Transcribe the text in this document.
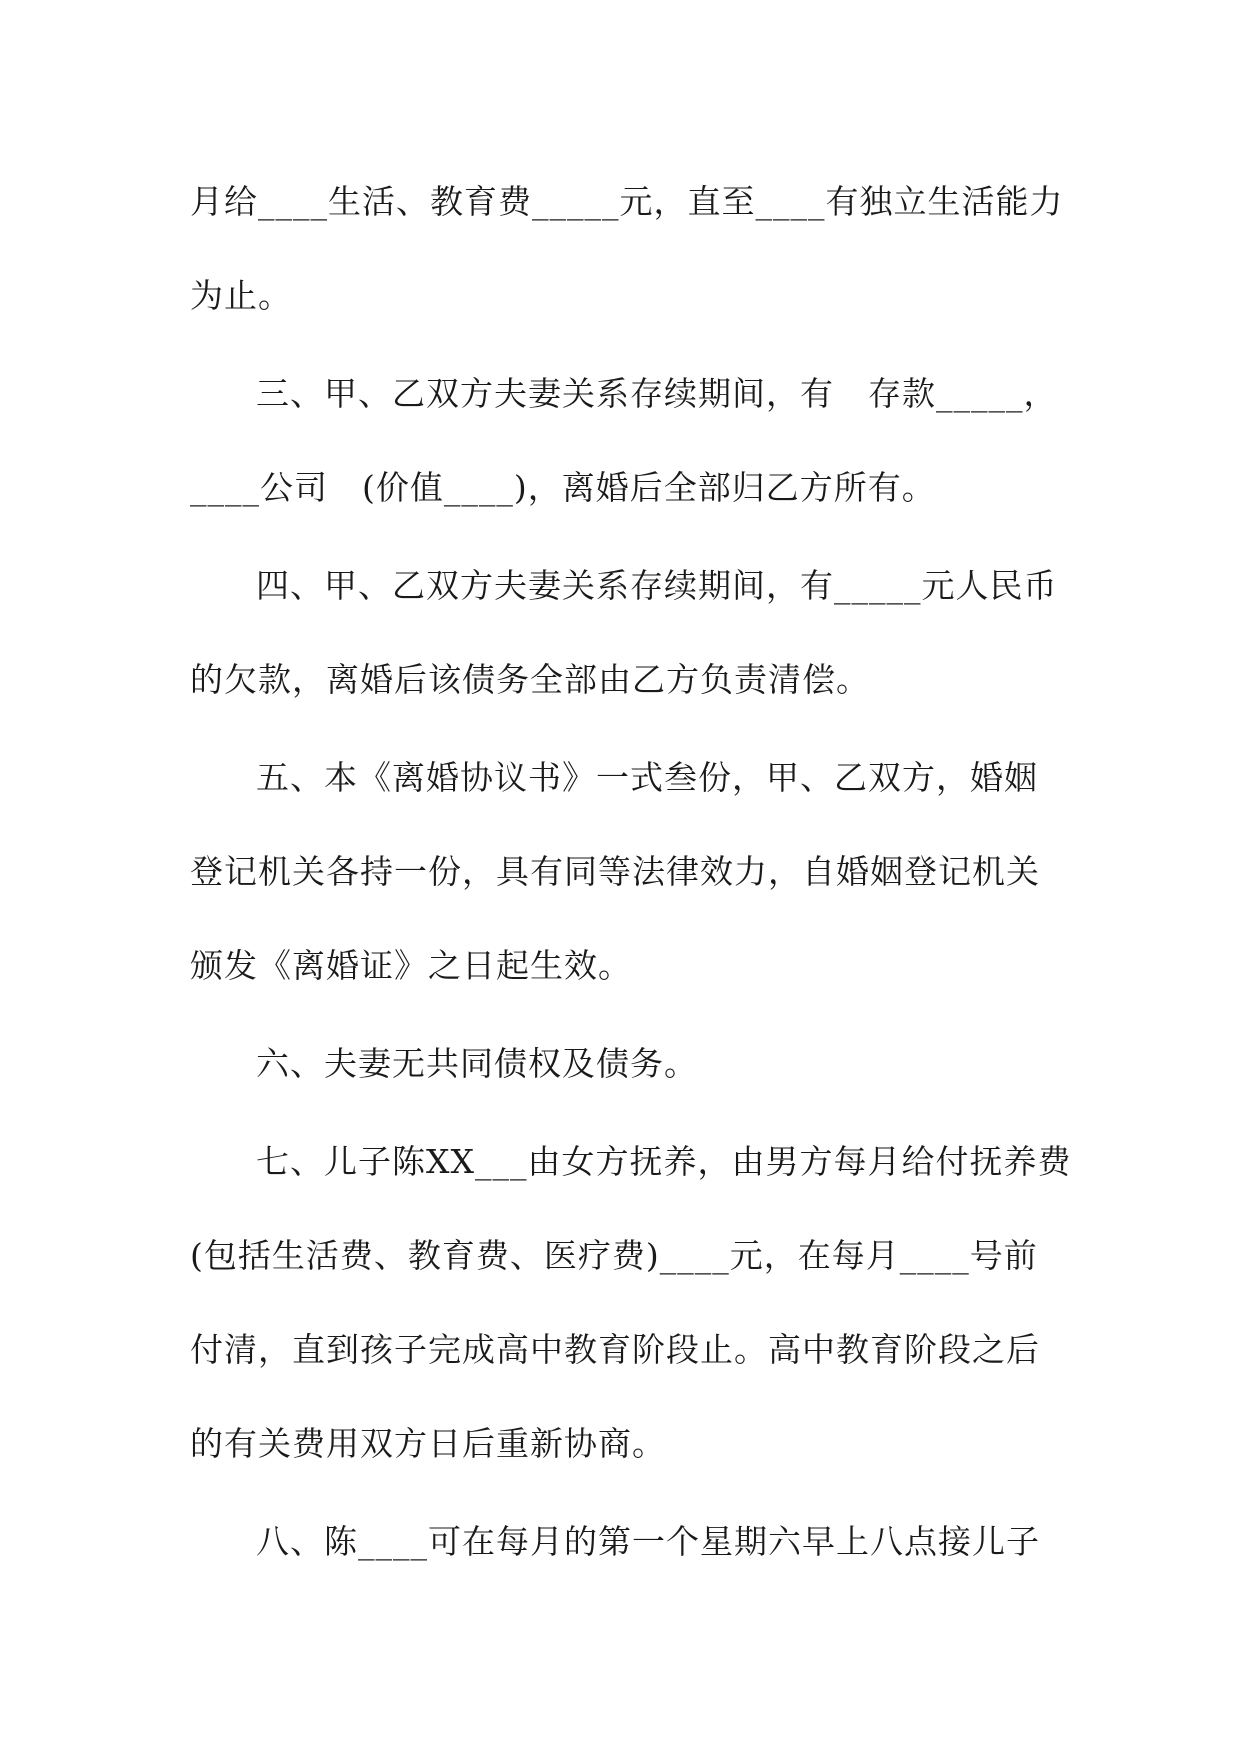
月给____生活、教育费_____元，直至____有独立生活能力
为止。
三、甲、乙双方夫妻关系存续期间，有　存款_____，
____公司　(价值____)，离婚后全部归乙方所有。
四、甲、乙双方夫妻关系存续期间，有_____元人民币
的欠款，离婚后该债务全部由乙方负责清偿。
五、本《离婚协议书》一式叁份，甲、乙双方，婚姻
登记机关各持一份，具有同等法律效力，自婚姻登记机关
颁发《离婚证》之日起生效。
六、夫妻无共同债权及债务。
七、儿子陈XX___由女方抚养，由男方每月给付抚养费
(包括生活费、教育费、医疗费)____元，在每月____号前
付清，直到孩子完成高中教育阶段止。高中教育阶段之后
的有关费用双方日后重新协商。
八、陈____可在每月的第一个星期六早上八点接儿子
